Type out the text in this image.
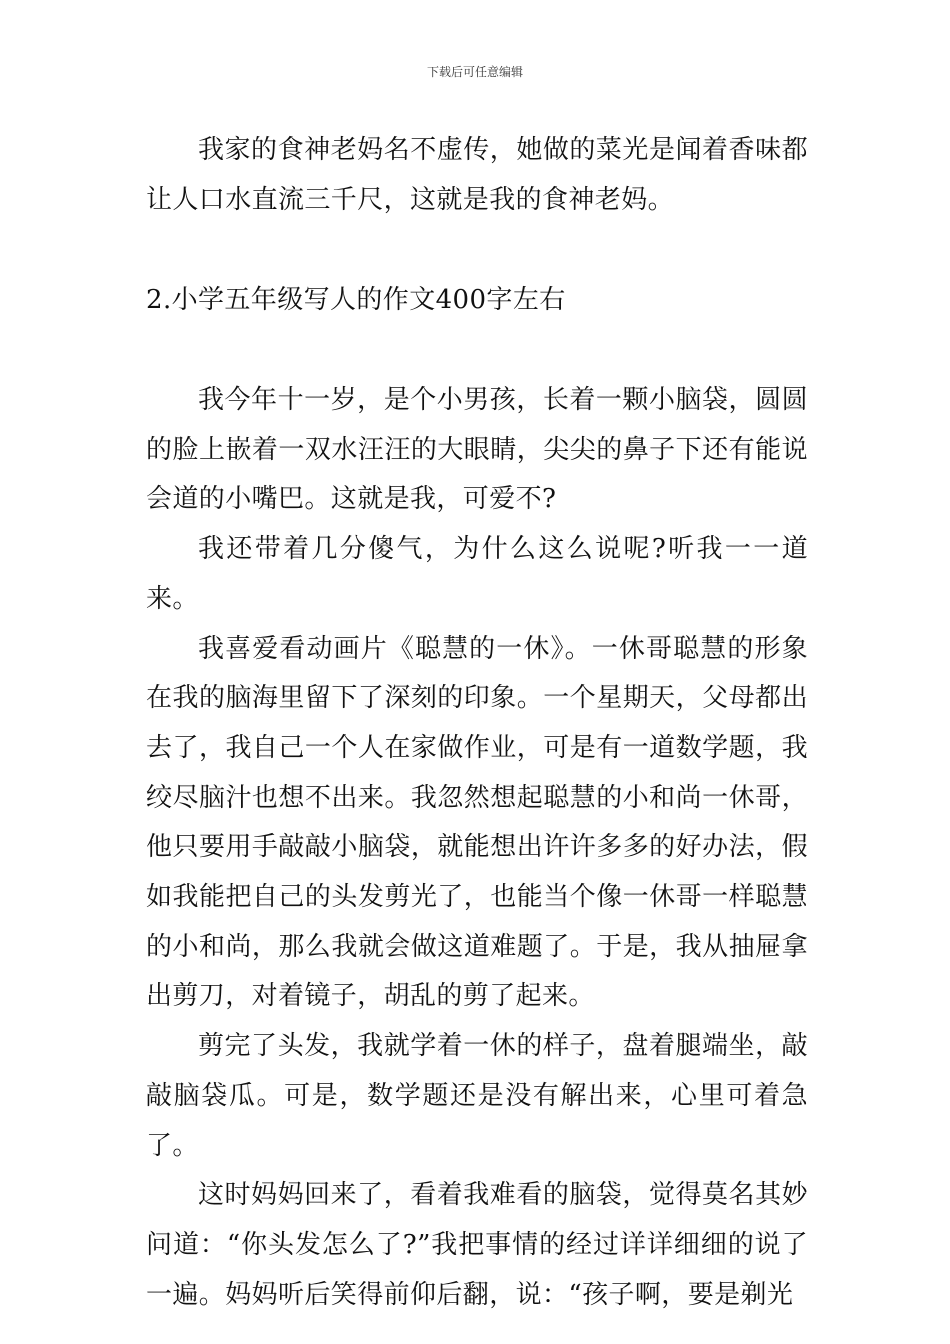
下载后可任意编辑

我家的食神老妈名不虚传，她做的菜光是闻着香味都让人口水直流三千尺，这就是我的食神老妈。

2.小学五年级写人的作文400字左右

我今年十一岁，是个小男孩，长着一颗小脑袋，圆圆的脸上嵌着一双水汪汪的大眼睛，尖尖的鼻子下还有能说会道的小嘴巴。这就是我，可爱不?

我还带着几分傻气，为什么这么说呢?听我一一道来。

我喜爱看动画片《聪慧的一休》。一休哥聪慧的形象在我的脑海里留下了深刻的印象。一个星期天，父母都出去了，我自己一个人在家做作业，可是有一道数学题，我绞尽脑汁也想不出来。我忽然想起聪慧的小和尚一休哥，他只要用手敲敲小脑袋，就能想出许许多多的好办法，假如我能把自己的头发剪光了，也能当个像一休哥一样聪慧的小和尚，那么我就会做这道难题了。于是，我从抽屉拿出剪刀，对着镜子，胡乱的剪了起来。

剪完了头发，我就学着一休的样子，盘着腿端坐，敲敲脑袋瓜。可是，数学题还是没有解出来，心里可着急了。

这时妈妈回来了，看着我难看的脑袋，觉得莫名其妙问道：“你头发怎么了?”我把事情的经过详详细细的说了一遍。妈妈听后笑得前仰后翻，说：“孩子啊，要是剃光
